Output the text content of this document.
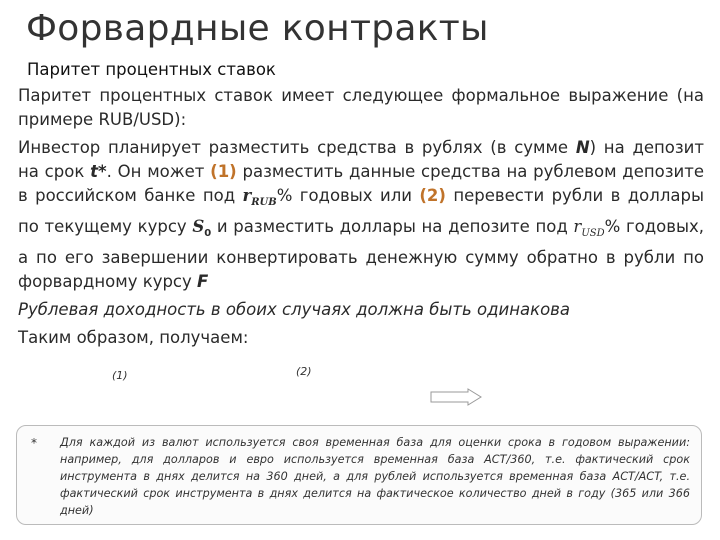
Форвардные контракты
Паритет процентных ставок

Паритет процентных ставок имеет следующее формальное выражение (на примере RUB/USD):

Инвестор планирует разместить средства в рублях (в сумме N) на депозит на срок t*. Он может (1) разместить данные средства на рублевом депозите в российском банке под $r_{RUB}\%$ годовых или (2) перевести рубли в доллары по текущему курсу $S_0$ и разместить доллары на депозите под $r_{USD}\%$ годовых, а по его завершении конвертировать денежную сумму обратно в рубли по форвардному курсу F

Рублевая доходность в обоих случаях должна быть одинакова

Таким образом, получаем:

(1)	(2)
* Для каждой из валют используется своя временная база для оценки срока в годовом выражении: например, для долларов и евро используется временная база ACT/360, т.е. фактический срок инструмента в днях делится на 360 дней, а для рублей используется временная база ACT/ACT, т.е. фактический срок инструмента в днях делится на фактическое количество дней в году (365 или 366 дней)
